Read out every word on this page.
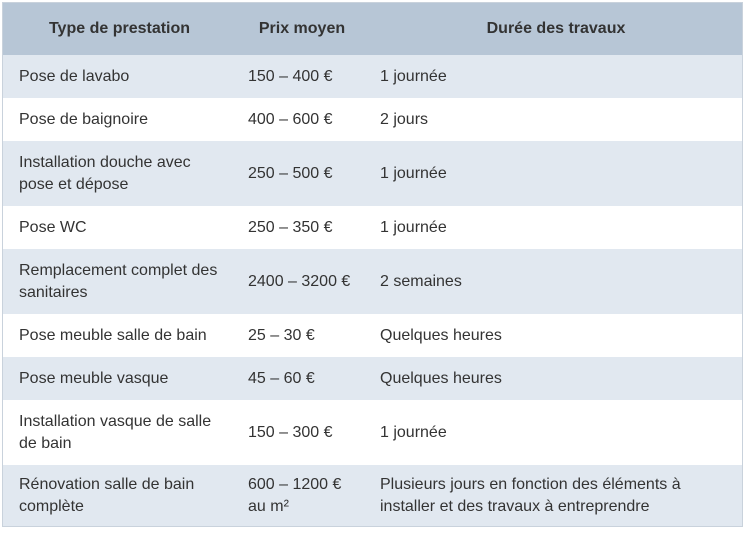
Type de prestation	Prix moyen	Durée des travaux
Pose de lavabo	150 – 400 €	1 journée
Pose de baignoire	400 – 600 €	2 jours
Installation douche avec pose et dépose	250 – 500 €	1 journée
Pose WC	250 – 350 €	1 journée
Remplacement complet des sanitaires	2400 – 3200 €	2 semaines
Pose meuble salle de bain	25 – 30 €	Quelques heures
Pose meuble vasque	45 – 60 €	Quelques heures
Installation vasque de salle de bain	150 – 300 €	1 journée
Rénovation salle de bain complète	600 – 1200 € au m²	Plusieurs jours en fonction des éléments à installer et des travaux à entreprendre
